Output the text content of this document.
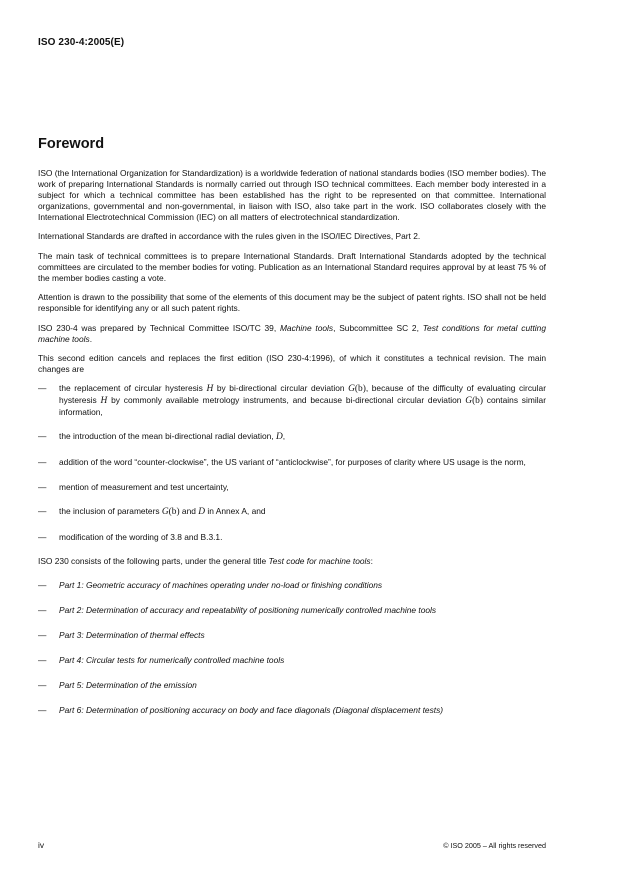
ISO 230-4:2005(E)
Foreword

ISO (the International Organization for Standardization) is a worldwide federation of national standards bodies (ISO member bodies). The work of preparing International Standards is normally carried out through ISO technical committees. Each member body interested in a subject for which a technical committee has been established has the right to be represented on that committee. International organizations, governmental and non-governmental, in liaison with ISO, also take part in the work. ISO collaborates closely with the International Electrotechnical Commission (IEC) on all matters of electrotechnical standardization.

International Standards are drafted in accordance with the rules given in the ISO/IEC Directives, Part 2.

The main task of technical committees is to prepare International Standards. Draft International Standards adopted by the technical committees are circulated to the member bodies for voting. Publication as an International Standard requires approval by at least 75 % of the member bodies casting a vote.

Attention is drawn to the possibility that some of the elements of this document may be the subject of patent rights. ISO shall not be held responsible for identifying any or all such patent rights.

ISO 230-4 was prepared by Technical Committee ISO/TC 39, Machine tools, Subcommittee SC 2, Test conditions for metal cutting machine tools.

This second edition cancels and replaces the first edition (ISO 230-4:1996), of which it constitutes a technical revision. The main changes are

—	the replacement of circular hysteresis H by bi-directional circular deviation G(b), because of the difficulty of evaluating circular hysteresis H by commonly available metrology instruments, and because bi-directional circular deviation G(b) contains similar information,
—	the introduction of the mean bi-directional radial deviation, D,
—	addition of the word “counter-clockwise”, the US variant of “anticlockwise”, for purposes of clarity where US usage is the norm,
—	mention of measurement and test uncertainty,
—	the inclusion of parameters G(b) and D in Annex A, and
—	modification of the wording of 3.8 and B.3.1.

ISO 230 consists of the following parts, under the general title Test code for machine tools:

—	Part 1: Geometric accuracy of machines operating under no-load or finishing conditions
—	Part 2: Determination of accuracy and repeatability of positioning numerically controlled machine tools
—	Part 3: Determination of thermal effects
—	Part 4: Circular tests for numerically controlled machine tools
—	Part 5: Determination of the emission
—	Part 6: Determination of positioning accuracy on body and face diagonals (Diagonal displacement tests)
iv	© ISO 2005 – All rights reserved
